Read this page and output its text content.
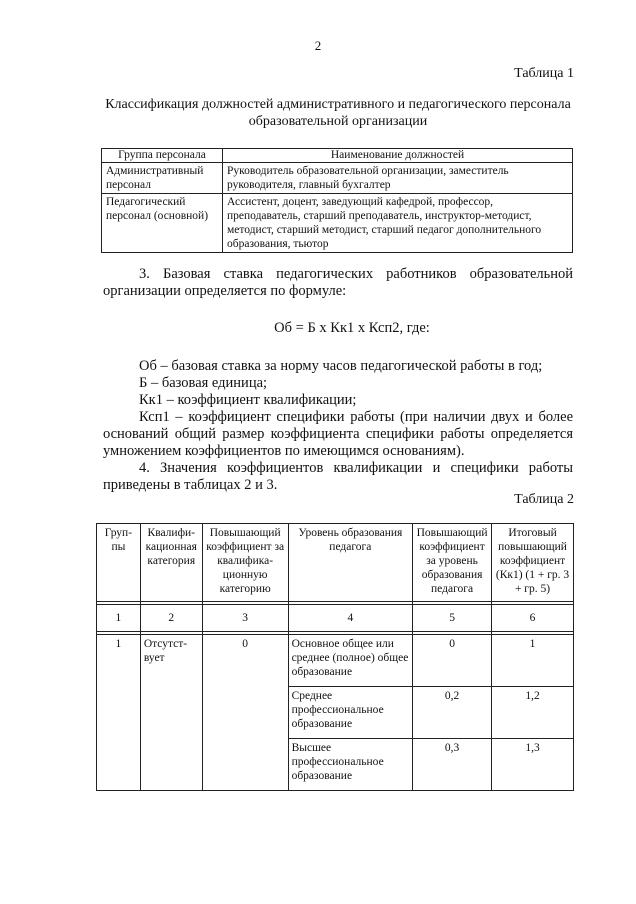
2
Таблица 1
Классификация должностей административного и педагогического персонала
образовательной организации
Группа персонала	Наименование должностей
Административный персонал	Руководитель образовательной организации, заместитель руководителя, главный бухгалтер
Педагогический персонал (основной)	Ассистент, доцент, заведующий кафедрой, профессор, преподаватель, старший преподаватель, инструктор-методист, методист, старший методист, старший педагог дополнительного образования, тьютор
3. Базовая ставка педагогических работников образовательной организации определяется по формуле:
Об = Б х Кк1 х Ксп2, где:
Об – базовая ставка за норму часов педагогической работы в год;
Б – базовая единица;
Кк1 – коэффициент квалификации;
Ксп1 – коэффициент специфики работы (при наличии двух и более оснований общий размер коэффициента специфики работы определяется умножением коэффициентов по имеющимся основаниям).
4. Значения коэффициентов квалификации и специфики работы приведены в таблицах 2 и 3.
Таблица 2
Груп-пы	Квалифи-кационная категория	Повышающий коэффициент за квалифика-ционную категорию	Уровень образования педагога	Повышающий коэффициент за уровень образования педагога	Итоговый повышающий коэффициент (Кк1) (1 + гр. 3 + гр. 5)

1	2	3	4	5	6

1	Отсутст-вует	0	Основное общее или среднее (полное) общее образование	0	1
			Среднее профессиональное образование	0,2	1,2
			Высшее профессиональное образование	0,3	1,3
